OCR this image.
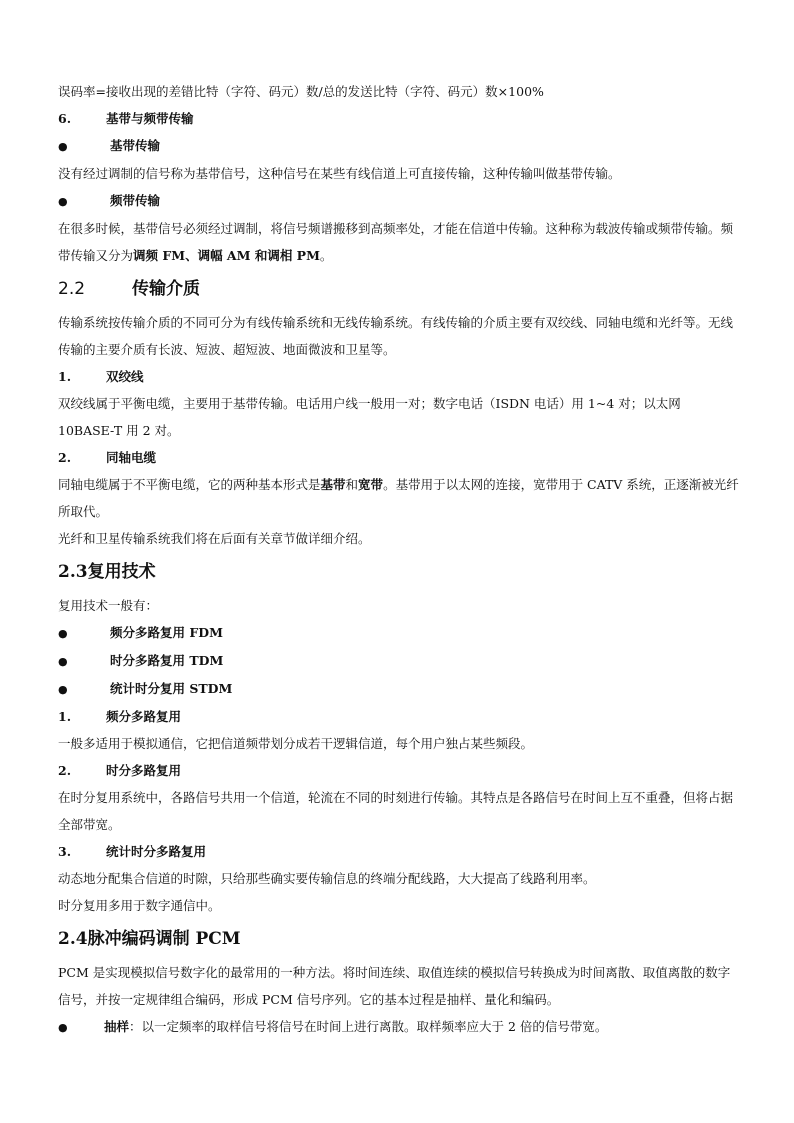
误码率=接收出现的差错比特（字符、码元）数/总的发送比特（字符、码元）数×100%
6.	基带与频带传输
●	基带传输
没有经过调制的信号称为基带信号，这种信号在某些有线信道上可直接传输，这种传输叫做基带传输。
●	频带传输
在很多时候，基带信号必须经过调制，将信号频谱搬移到高频率处，才能在信道中传输。这种称为载波传输或频带传输。频带传输又分为调频 FM、调幅 AM 和调相 PM。
2.2	传输介质
传输系统按传输介质的不同可分为有线传输系统和无线传输系统。有线传输的介质主要有双绞线、同轴电缆和光纤等。无线传输的主要介质有长波、短波、超短波、地面微波和卫星等。
1.	双绞线
双绞线属于平衡电缆，主要用于基带传输。电话用户线一般用一对；数字电话（ISDN 电话）用 1~4 对；以太网 10BASE-T 用 2 对。
2.	同轴电缆
同轴电缆属于不平衡电缆，它的两种基本形式是基带和宽带。基带用于以太网的连接，宽带用于 CATV 系统，正逐渐被光纤所取代。
光纤和卫星传输系统我们将在后面有关章节做详细介绍。
2.3复用技术
复用技术一般有：
●	频分多路复用 FDM
●	时分多路复用 TDM
●	统计时分复用 STDM
1.	频分多路复用
一般多适用于模拟通信，它把信道频带划分成若干逻辑信道，每个用户独占某些频段。
2.	时分多路复用
在时分复用系统中，各路信号共用一个信道，轮流在不同的时刻进行传输。其特点是各路信号在时间上互不重叠，但将占据全部带宽。
3.	统计时分多路复用
动态地分配集合信道的时隙，只给那些确实要传输信息的终端分配线路，大大提高了线路利用率。
时分复用多用于数字通信中。
2.4脉冲编码调制 PCM
PCM 是实现模拟信号数字化的最常用的一种方法。将时间连续、取值连续的模拟信号转换成为时间离散、取值离散的数字信号，并按一定规律组合编码，形成 PCM 信号序列。它的基本过程是抽样、量化和编码。
●	抽样：以一定频率的取样信号将信号在时间上进行离散。取样频率应大于 2 倍的信号带宽。
